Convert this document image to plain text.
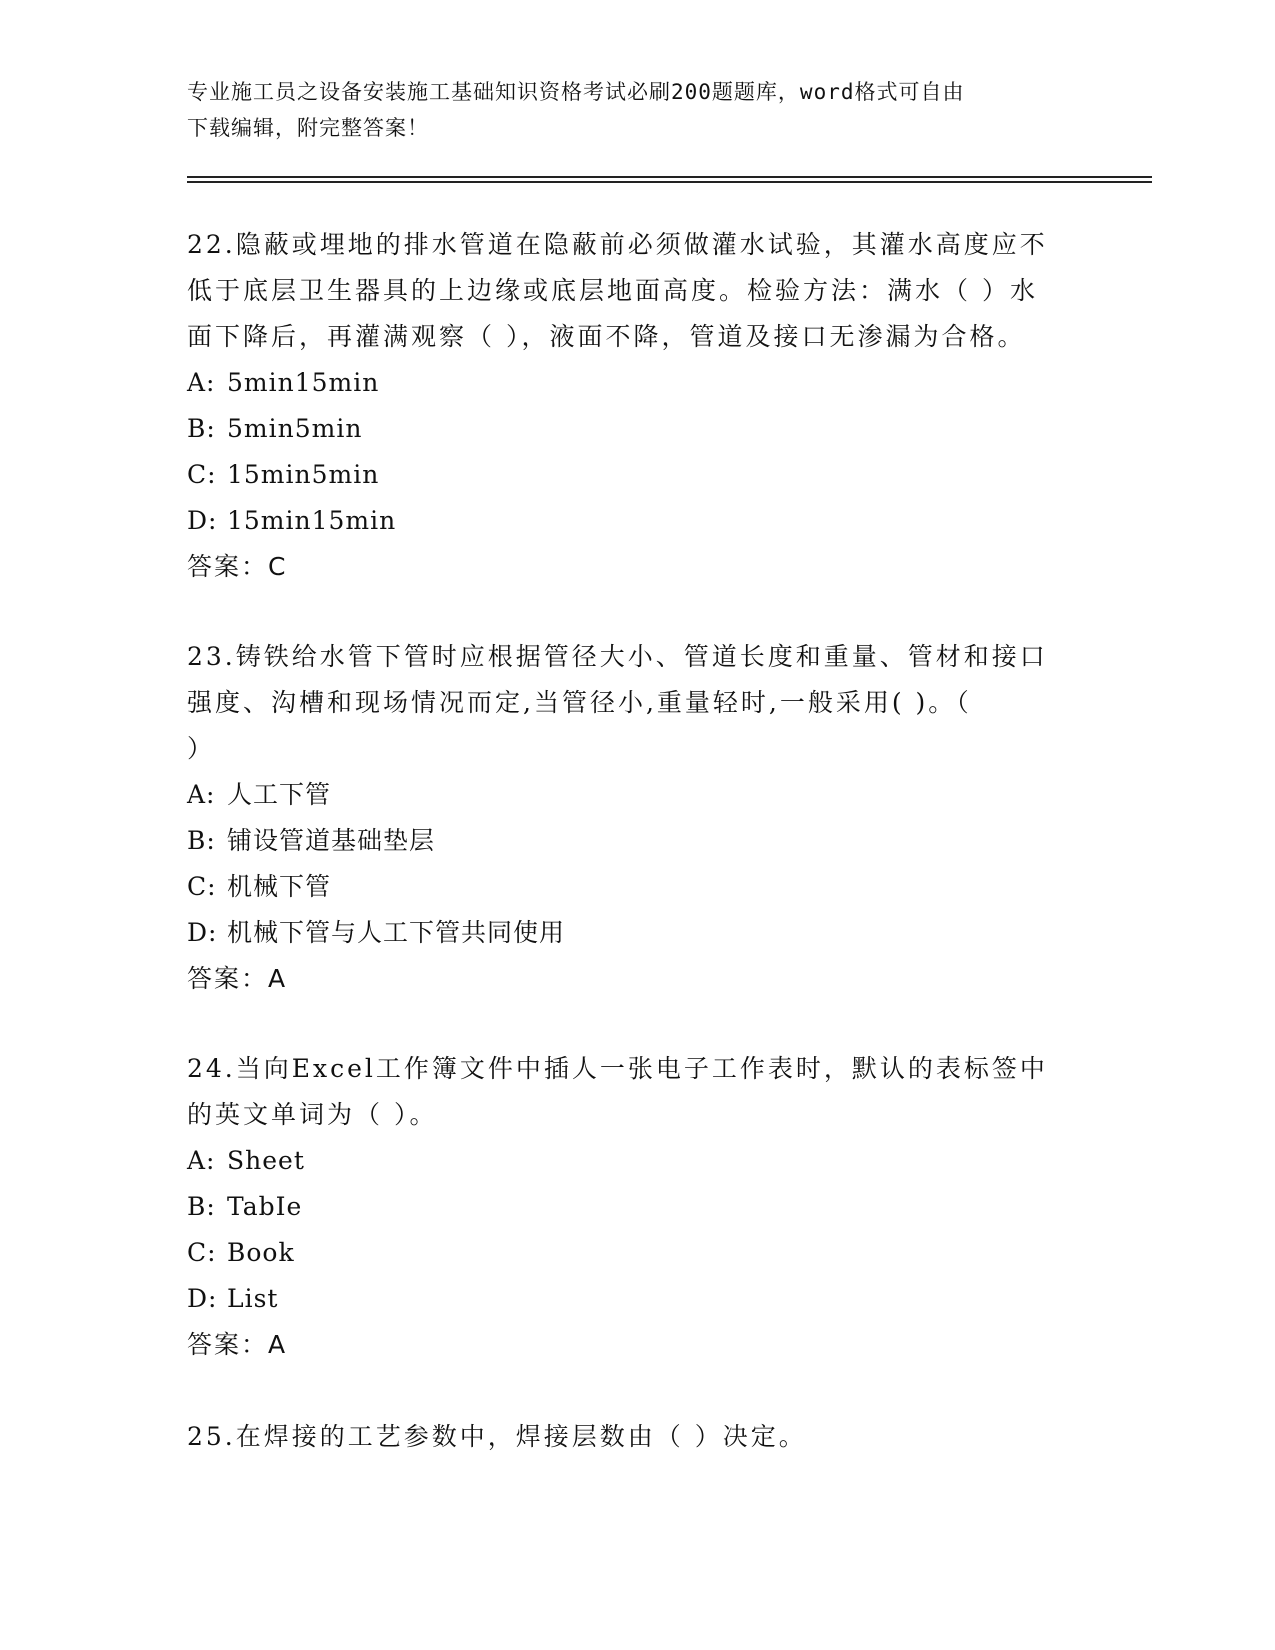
专业施工员之设备安装施工基础知识资格考试必刷200题题库，word格式可自由
下载编辑，附完整答案！

22.隐蔽或埋地的排水管道在隐蔽前必须做灌水试验，其灌水高度应不

低于底层卫生器具的上边缘或底层地面高度。检验方法：满水（ ）水

面下降后，再灌满观察（ ），液面不降，管道及接口无渗漏为合格。

A: 5min15min

B: 5min5min

C: 15min5min

D: 15min15min

答案：C

23.铸铁给水管下管时应根据管径大小、管道长度和重量、管材和接口

强度、沟槽和现场情况而定,当管径小,重量轻时,一般采用( )。（

）

A: 人工下管

B: 铺设管道基础垫层

C: 机械下管

D: 机械下管与人工下管共同使用

答案：A

24.当向Excel工作簿文件中插人一张电子工作表时，默认的表标签中

的英文单词为（ ）。

A: Sheet

B: TabIe

C: Book

D: List

答案：A

25.在焊接的工艺参数中，焊接层数由（ ）决定。
